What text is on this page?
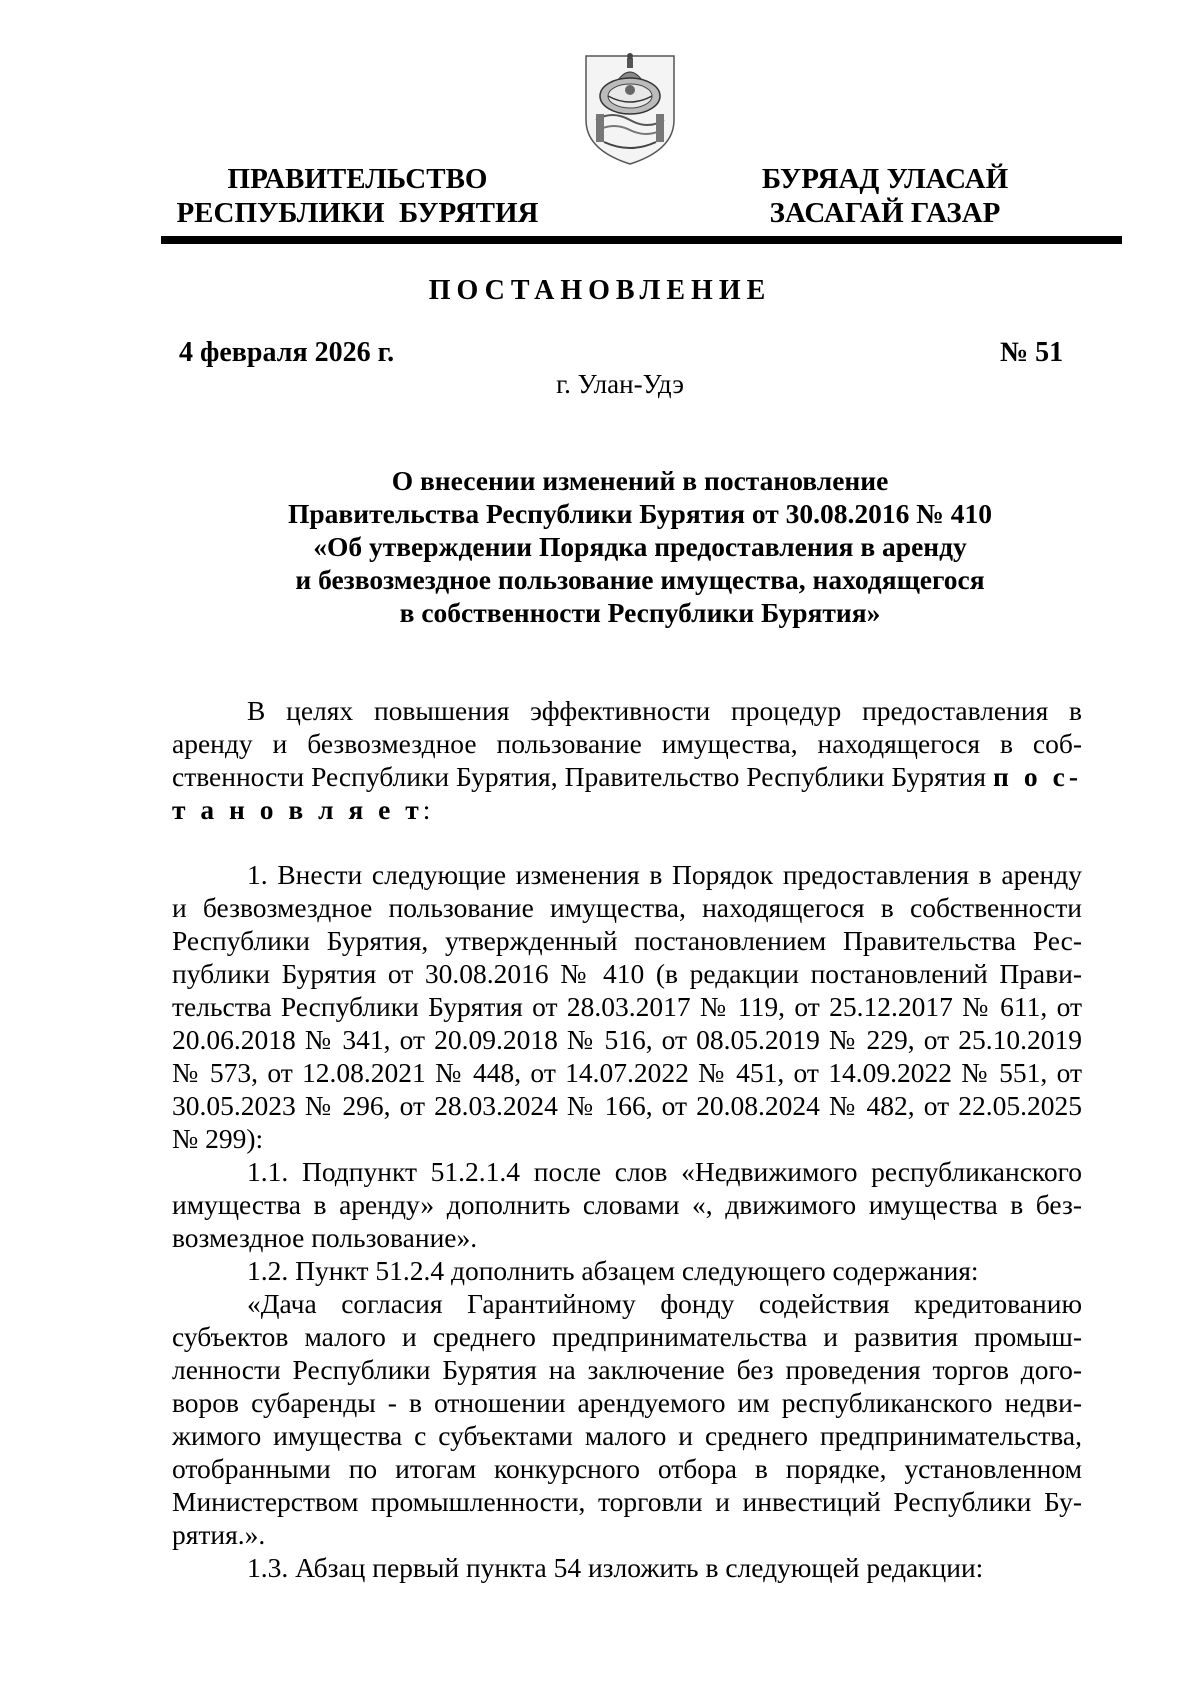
ПРАВИТЕЛЬСТВО
РЕСПУБЛИКИ  БУРЯТИЯ
БУРЯАД УЛАСАЙ
ЗАСАГАЙ ГАЗАР
ПОСТАНОВЛЕНИЕ
4 февраля 2026 г.	№ 51
г. Улан-Удэ
О внесении изменений в постановление
Правительства Республики Бурятия от 30.08.2016 № 410
«Об утверждении Порядка предоставления в аренду
и безвозмездное пользование имущества, находящегося
в собственности Республики Бурятия»
В целях повышения эффективности процедур предоставления в
аренду и безвозмездное пользование имущества, находящегося в соб-
ственности Республики Бурятия, Правительство Республики Бурятия п о с-
т а н о в л я е т:
1. Внести следующие изменения в Порядок предоставления в аренду
и безвозмездное пользование имущества, находящегося в собственности
Республики Бурятия, утвержденный постановлением Правительства Рес-
публики Бурятия от 30.08.2016 № 410 (в редакции постановлений Прави-
тельства Республики Бурятия от 28.03.2017 № 119, от 25.12.2017 № 611, от
20.06.2018 № 341, от 20.09.2018 № 516, от 08.05.2019 № 229, от 25.10.2019
№ 573, от 12.08.2021 № 448, от 14.07.2022 № 451, от 14.09.2022 № 551, от
30.05.2023 № 296, от 28.03.2024 № 166, от 20.08.2024 № 482, от 22.05.2025
№ 299):
1.1. Подпункт 51.2.1.4 после слов «Недвижимого республиканского
имущества в аренду» дополнить словами «, движимого имущества в без-
возмездное пользование».
1.2. Пункт 51.2.4 дополнить абзацем следующего содержания:
«Дача согласия Гарантийному фонду содействия кредитованию
субъектов малого и среднего предпринимательства и развития промыш-
ленности Республики Бурятия на заключение без проведения торгов дого-
воров субаренды - в отношении арендуемого им республиканского недви-
жимого имущества с субъектами малого и среднего предпринимательства,
отобранными по итогам конкурсного отбора в порядке, установленном
Министерством промышленности, торговли и инвестиций Республики Бу-
рятия.».
1.3. Абзац первый пункта 54 изложить в следующей редакции:
